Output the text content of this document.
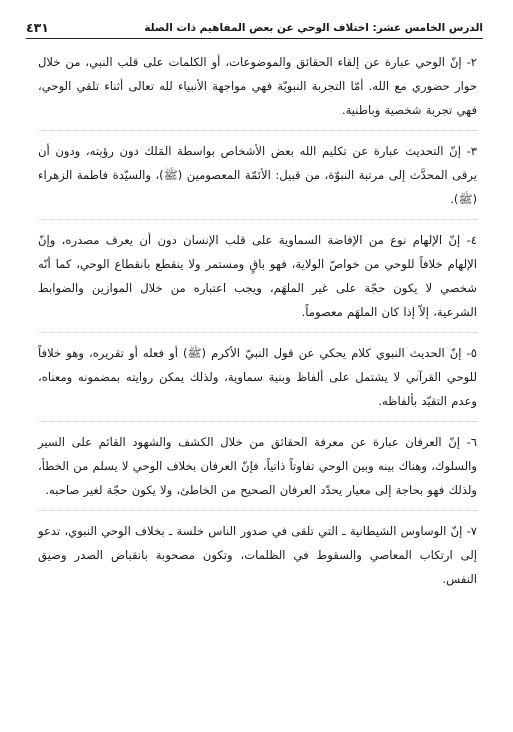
الدرس الخامس عشر: اختلاف الوحي عن بعض المفاهيم ذات الصلة
٤٣١

٢- إنّ الوحي عبارة عن إلقاء الحقائق والموضوعات، أو الكلمات على قلب النبي، من خلال حوار حضوري مع الله. أمّا التجربة النبويّة فهي مواجهة الأنبياء لله تعالى أثناء تلقي الوحي، فهي تجربة شخصية وباطنية.

٣- إنّ التحديث عبارة عن تكليم الله بعض الأشخاص بواسطة المَلك دون رؤيته، ودون أن يرقى المحدَّث إلى مرتبة النبوّة، من قبيل: الأئمّة المعصومين (ﷺ)، والسيّدة فاطمة الزهراء (ﷺ).

٤- إنّ الإلهام نوع من الإفاضة السماوية على قلب الإنسان دون أن يعرف مصدره، وإنّ الإلهام خلافاً للوحي من خواصّ الولاية، فهو باقٍ ومستمر ولا ينقطع بانقطاع الوحي، كما أنّه شخصي لا يكون حجّة على غير الملهَم، ويجب اعتباره من خلال الموازين والضوابط الشرعية، إلاّ إذا كان الملهَم معصوماً.

٥- إنّ الحديث النبوي كلام يحكي عن قول النبيّ الأكرم (ﷺ) أو فعله أو تقريره، وهو خلافاً للوحي القرآني لا يشتمل على ألفاظ وبنية سماوية، ولذلك يمكن روايته بمضمونه ومعناه، وعدم التقيّد بألفاظه.

٦- إنّ العرفان عبارة عن معرفة الحقائق من خلال الكشف والشهود القائم على السير والسلوك، وهناك بينه وبين الوحي تفاوتاً ذاتياً، فإنّ العرفان بخلاف الوحي لا يسلم من الخطأ، ولذلك فهو بحاجة إلى معيار يحدّد العرفان الصحيح من الخاطئ، ولا يكون حجّة لغير صاحبه.

٧- إنّ الوساوس الشيطانية ـ التي تلقى في صدور الناس خلسة ـ بخلاف الوحي النبوي، تدعو إلى ارتكاب المعاصي والسقوط في الظلمات، وتكون مصحوبة بانقباض الصدر وضيق النفس.
